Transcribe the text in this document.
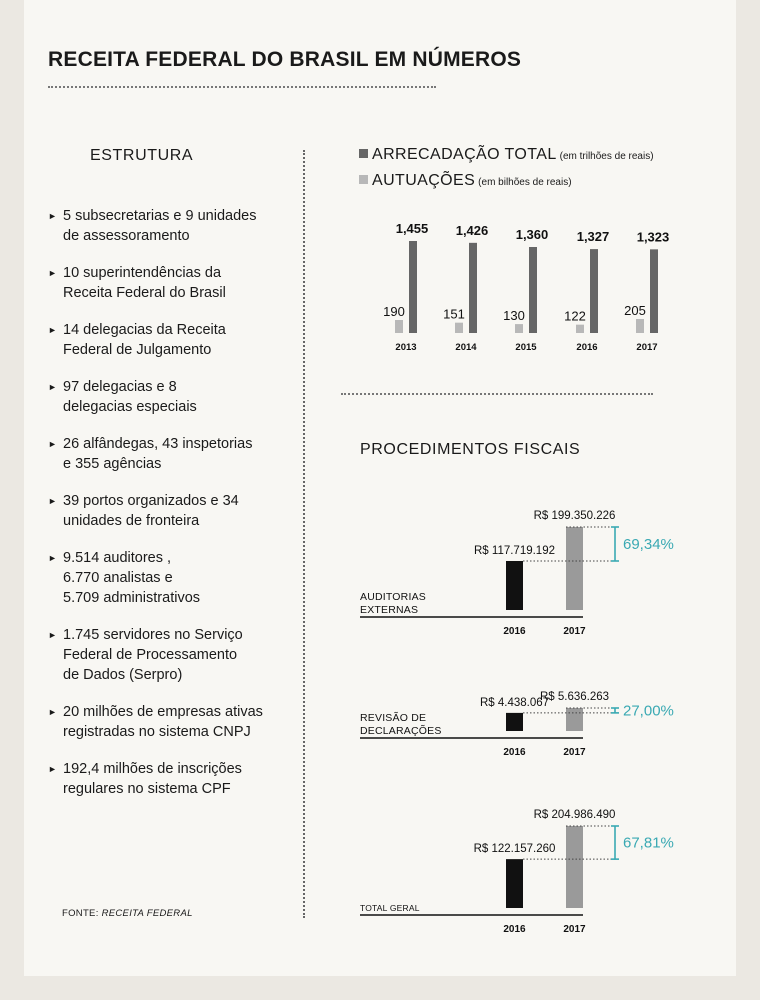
RECEITA FEDERAL DO BRASIL EM NÚMEROS
ESTRUTURA
► 5 subsecretarias e 9 unidades
de assessoramento
► 10 superintendências da
Receita Federal do Brasil
► 14 delegacias da Receita
Federal de Julgamento
► 97 delegacias e 8
delegacias especiais
► 26 alfândegas, 43 inspetorias
e 355 agências
► 39 portos organizados e 34
unidades de fronteira
► 9.514 auditores ,
6.770 analistas e
5.709 administrativos
► 1.745 servidores no Serviço
Federal de Processamento
de Dados (Serpro)
► 20 milhões de empresas ativas
registradas no sistema CNPJ
► 192,4 milhões de inscrições
regulares no sistema CPF
FONTE: RECEITA FEDERAL
ARRECADAÇÃO TOTAL (em trilhões de reais)
AUTUAÇÕES (em bilhões de reais)
PROCEDIMENTOS FISCAIS
1,455
190
2013
1,426
151
2014
1,360
130
2015
1,327
122
2016
1,323
205
2017
R$ 117.719.192
R$ 199.350.226
2016	2017
69,34%
AUDITORIAS
EXTERNAS
R$ 4.438.067
R$ 5.636.263
2016	2017
27,00%
REVISÃO DE
DECLARAÇÕES
R$ 122.157.260
R$ 204.986.490
2016	2017
67,81%
TOTAL GERAL
